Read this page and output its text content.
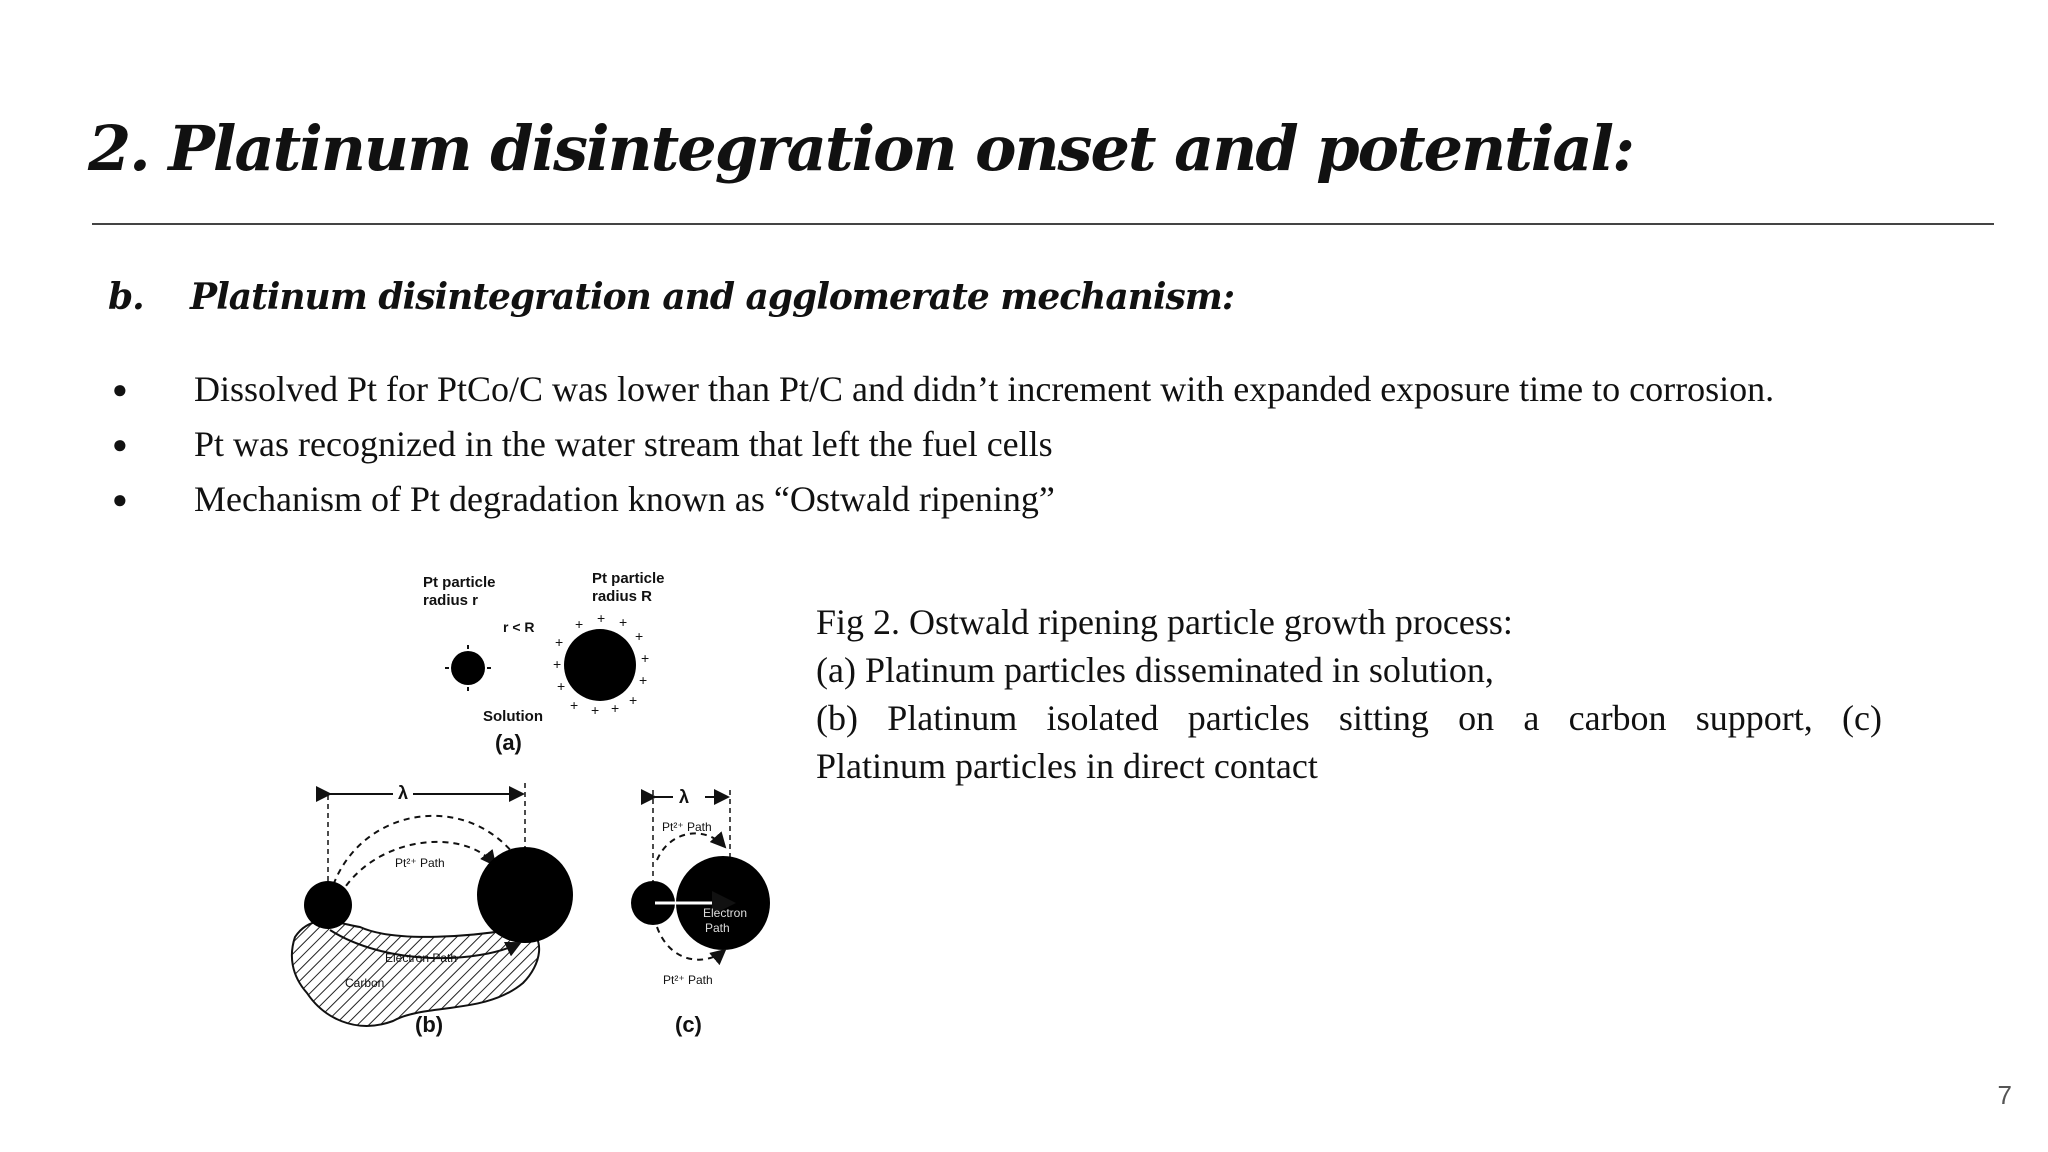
2. Platinum disintegration onset and potential:
b. Platinum disintegration and agglomerate mechanism:
●	Dissolved Pt for PtCo/C was lower than Pt/C and didn’t increment with expanded exposure time to corrosion.
●	Pt was recognized in the water stream that left the fuel cells
●	Mechanism of Pt degradation known as “Ostwald ripening”
Pt particle
radius r
Pt particle
radius R
r < R
+
+
+
+ + + +
+
+
+
+
+
+
Solution
(a)
λ
Pt²⁺ Path
Electron Path
Carbon
(b)
λ
Pt²⁺ Path
Electron
Path
Pt²⁺ Path
(c)
Fig 2. Ostwald ripening particle growth process:
(a) Platinum particles disseminated in solution,
(b) Platinum isolated particles sitting on a carbon support, (c)
Platinum particles in direct contact
7
